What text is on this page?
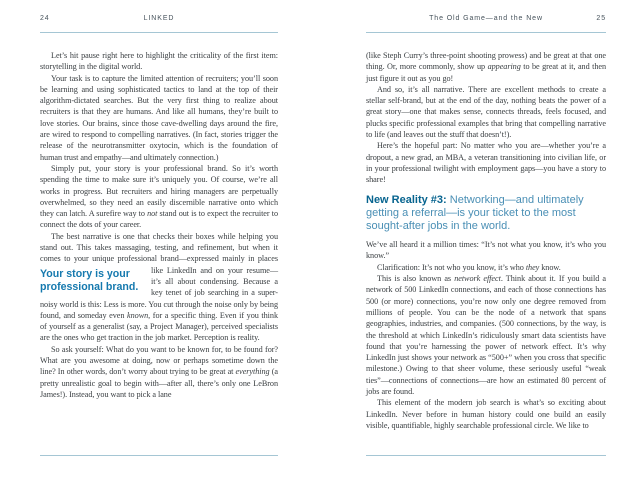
24	LINKED

Let’s hit pause right here to highlight the criticality of the first item: storytelling in the digital world.

Your task is to capture the limited attention of recruiters; you’ll soon be learning and using sophisticated tactics to land at the top of their algorithm-dictated searches. But the very first thing to realize about recruiters is that they are humans. And like all humans, they’re built to love stories. Our brains, since those cave-dwelling days around the fire, are wired to respond to compelling narratives. (In fact, stories trigger the release of the neurotransmitter oxytocin, which is the foundation of human trust and empathy—and ultimately connection.)

Simply put, your story is your professional brand. So it’s worth spending the time to make sure it’s uniquely you. Of course, we’re all works in progress. But recruiters and hiring managers are perpetually overwhelmed, so they need an easily discernible narrative onto which they can latch. A surefire way to not stand out is to expect the recruiter to connect the dots of your career.

The best narrative is one that checks their boxes while helping you stand out. This takes massaging, testing, and refinement, but when it comes to your unique professional brand—expressed
Your story is your professional brand.
mainly in places like LinkedIn and on your resume—it’s all about condensing. Because a key tenet of job searching in a super-noisy world is this: Less is more. You cut through the noise only by being found, and someday even known, for a specific thing. Even if you think of yourself as a generalist (say, a Project Manager), perceived specialists are the ones who get traction in the job market. Perception is reality.

So ask yourself: What do you want to be known for, to be found for? What are you awesome at doing, now or perhaps sometime down the line? In other words, don’t worry about trying to be great at everything (a pretty unrealistic goal to begin with—after all, there’s only one LeBron James!). Instead, you want to pick a lane

The Old Game—and the New	25

(like Steph Curry’s three-point shooting prowess) and be great at that one thing. Or, more commonly, show up appearing to be great at it, and then just figure it out as you go!

And so, it’s all narrative. There are excellent methods to create a stellar self-brand, but at the end of the day, nothing beats the power of a great story—one that makes sense, connects threads, feels focused, and plucks specific professional examples that bring that compelling narrative to life (and leaves out the stuff that doesn’t!).

Here’s the hopeful part: No matter who you are—whether you’re a dropout, a new grad, an MBA, a veteran transitioning into civilian life, or in your professional twilight with employment gaps—you have a story to share!

New Reality #3: Networking—and ultimately getting a referral—is your ticket to the most sought-after jobs in the world.

We’ve all heard it a million times: “It’s not what you know, it’s who you know.”

Clarification: It’s not who you know, it’s who they know.

This is also known as network effect. Think about it. If you build a network of 500 LinkedIn connections, and each of those connections has 500 (or more) connections, you’re now only one degree removed from millions of people. You can be the node of a network that spans geographies, industries, and companies. (500 connections, by the way, is the threshold at which LinkedIn’s ridiculously smart data scientists have found that you’re harnessing the power of network effect. It’s why LinkedIn just shows your network as “500+” when you cross that specific milestone.) Owing to that sheer volume, these seriously useful “weak ties”—connections of connections—are how an estimated 80 percent of jobs are found.

This element of the modern job search is what’s so exciting about LinkedIn. Never before in human history could one build an easily visible, quantifiable, highly searchable professional circle. We like to
